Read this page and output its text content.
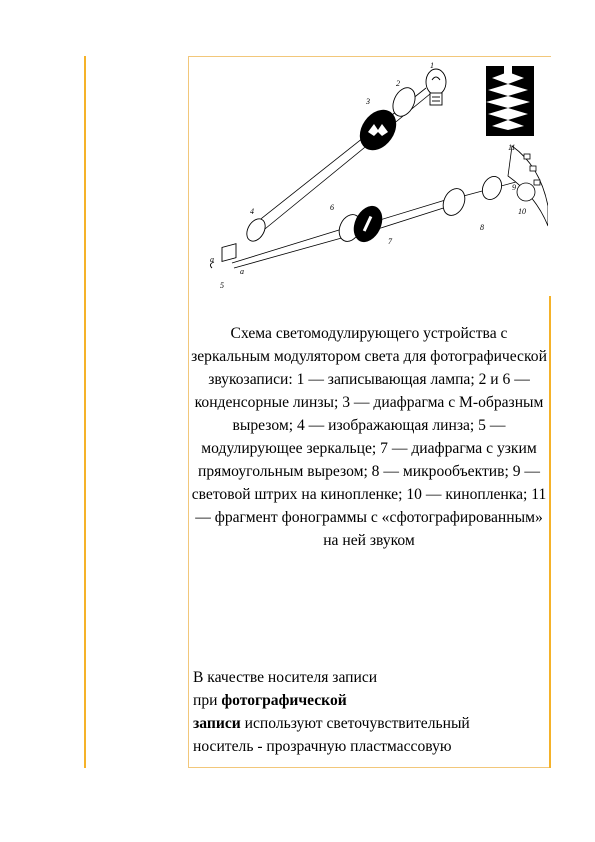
1
2
3
4
5
6
7
8
9
10
11
a
a
Схема светомодулирующего устройства с зеркальным модулятором света для фотографической звукозаписи: 1 — записывающая лампа; 2 и 6 — конденсорные линзы; 3 — диафрагма с М-образным вырезом; 4 — изображающая линза; 5 — модулирующее зеркальце; 7 — диафрагма с узким прямоугольным вырезом; 8 — микрообъектив; 9 — световой штрих на кинопленке; 10 — кинопленка; 11 — фрагмент фонограммы с «сфотографированным» на ней звуком

В качестве носителя записи

при фотографической

записи используют светочувствительный

носитель - прозрачную пластмассовую
